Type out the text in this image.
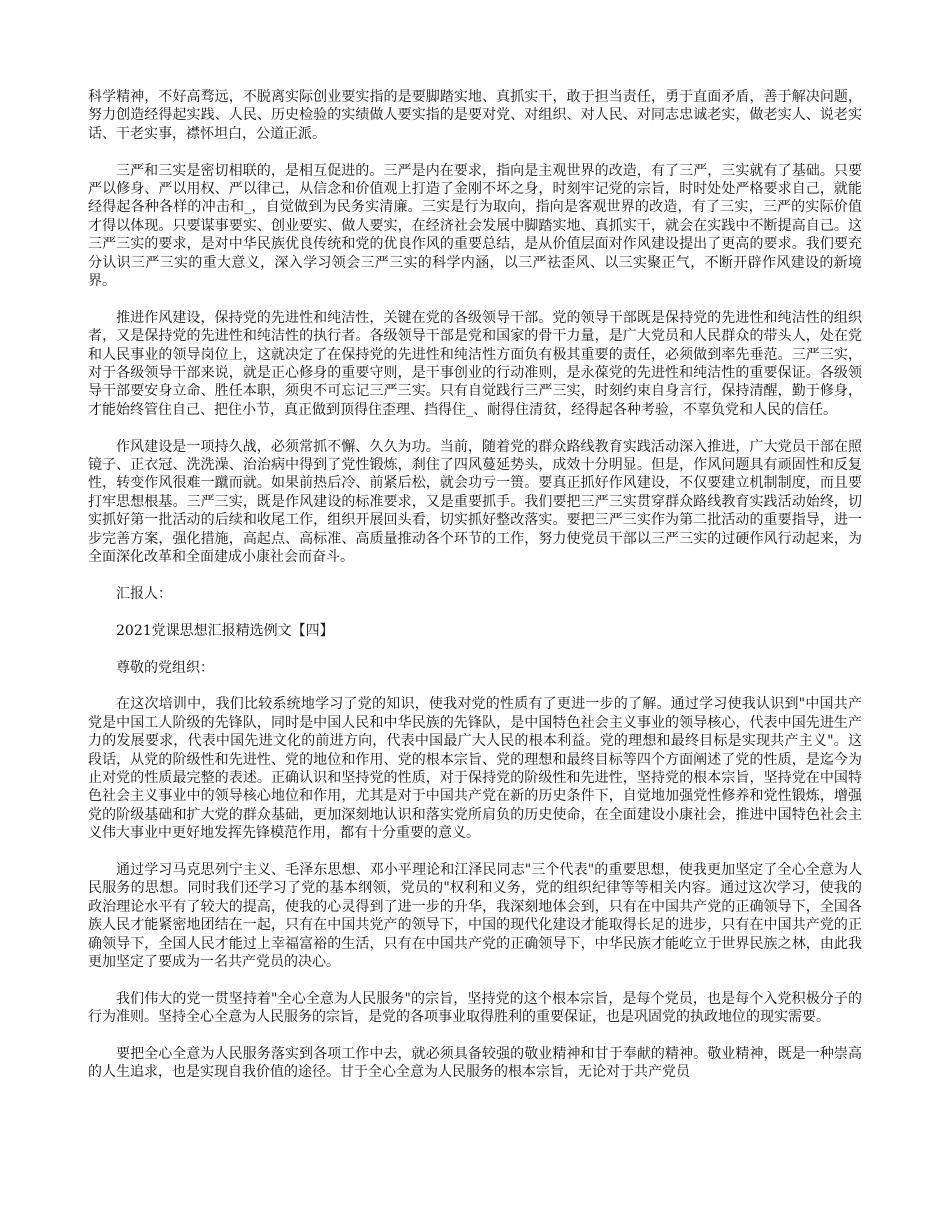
科学精神，不好高骛远，不脱离实际创业要实指的是要脚踏实地、真抓实干，敢于担当责任，勇于直面矛盾，善于解决问题，努力创造经得起实践、人民、历史检验的实绩做人要实指的是要对党、对组织、对人民、对同志忠诚老实，做老实人、说老实话、干老实事，襟怀坦白，公道正派。

三严和三实是密切相联的，是相互促进的。三严是内在要求，指向是主观世界的改造，有了三严，三实就有了基础。只要严以修身、严以用权、严以律己，从信念和价值观上打造了金刚不坏之身，时刻牢记党的宗旨，时时处处严格要求自己，就能经得起各种各样的冲击和_，自觉做到为民务实清廉。三实是行为取向，指向是客观世界的改造，有了三实，三严的实际价值才得以体现。只要谋事要实、创业要实、做人要实，在经济社会发展中脚踏实地、真抓实干，就会在实践中不断提高自己。这三严三实的要求，是对中华民族优良传统和党的优良作风的重要总结，是从价值层面对作风建设提出了更高的要求。我们要充分认识三严三实的重大意义，深入学习领会三严三实的科学内涵，以三严祛歪风、以三实聚正气，不断开辟作风建设的新境界。

推进作风建设，保持党的先进性和纯洁性，关键在党的各级领导干部。党的领导干部既是保持党的先进性和纯洁性的组织者，又是保持党的先进性和纯洁性的执行者。各级领导干部是党和国家的骨干力量，是广大党员和人民群众的带头人，处在党和人民事业的领导岗位上，这就决定了在保持党的先进性和纯洁性方面负有极其重要的责任，必须做到率先垂范。三严三实，对于各级领导干部来说，就是正心修身的重要守则，是干事创业的行动准则，是永葆党的先进性和纯洁性的重要保证。各级领导干部要安身立命、胜任本职，须臾不可忘记三严三实。只有自觉践行三严三实，时刻约束自身言行，保持清醒，勤于修身，才能始终管住自己、把住小节，真正做到顶得住歪理、挡得住_、耐得住清贫，经得起各种考验，不辜负党和人民的信任。

作风建设是一项持久战，必须常抓不懈、久久为功。当前，随着党的群众路线教育实践活动深入推进，广大党员干部在照镜子、正衣冠、洗洗澡、治治病中得到了党性锻炼，刹住了四风蔓延势头，成效十分明显。但是，作风问题具有顽固性和反复性，转变作风很难一蹴而就。如果前热后冷、前紧后松，就会功亏一篑。要真正抓好作风建设，不仅要建立机制制度，而且要打牢思想根基。三严三实，既是作风建设的标准要求，又是重要抓手。我们要把三严三实贯穿群众路线教育实践活动始终，切实抓好第一批活动的后续和收尾工作，组织开展回头看，切实抓好整改落实。要把三严三实作为第二批活动的重要指导，进一步完善方案，强化措施，高起点、高标准、高质量推动各个环节的工作，努力使党员干部以三严三实的过硬作风行动起来，为全面深化改革和全面建成小康社会而奋斗。

汇报人：

2021党课思想汇报精选例文【四】

尊敬的党组织：

在这次培训中，我们比较系统地学习了党的知识，使我对党的性质有了更进一步的了解。通过学习使我认识到"中国共产党是中国工人阶级的先锋队，同时是中国人民和中华民族的先锋队，是中国特色社会主义事业的领导核心，代表中国先进生产力的发展要求，代表中国先进文化的前进方向，代表中国最广大人民的根本利益。党的理想和最终目标是实现共产主义"。这段话，从党的阶级性和先进性、党的地位和作用、党的根本宗旨、党的理想和最终目标等四个方面阐述了党的性质，是迄今为止对党的性质最完整的表述。正确认识和坚持党的性质，对于保持党的阶级性和先进性，坚持党的根本宗旨，坚持党在中国特色社会主义事业中的领导核心地位和作用，尤其是对于中国共产党在新的历史条件下，自觉地加强党性修养和党性锻炼，增强党的阶级基础和扩大党的群众基础，更加深刻地认识和落实党所肩负的历史使命，在全面建设小康社会，推进中国特色社会主义伟大事业中更好地发挥先锋模范作用，都有十分重要的意义。

通过学习马克思列宁主义、毛泽东思想、邓小平理论和江泽民同志"三个代表"的重要思想，使我更加坚定了全心全意为人民服务的思想。同时我们还学习了党的基本纲领，党员的"权利和义务，党的组织纪律等等相关内容。通过这次学习，使我的政治理论水平有了较大的提高，使我的心灵得到了进一步的升华，我深刻地体会到，只有在中国共产党的正确领导下，全国各族人民才能紧密地团结在一起，只有在中国共党产的领导下，中国的现代化建设才能取得长足的进步，只有在中国共产党的正确领导下，全国人民才能过上幸福富裕的生活，只有在中国共产党的正确领导下，中华民族才能屹立于世界民族之林，由此我更加坚定了要成为一名共产党员的决心。

我们伟大的党一贯坚持着"全心全意为人民服务"的宗旨，坚持党的这个根本宗旨，是每个党员，也是每个入党积极分子的行为准则。坚持全心全意为人民服务的宗旨，是党的各项事业取得胜利的重要保证，也是巩固党的执政地位的现实需要。

要把全心全意为人民服务落实到各项工作中去，就必须具备较强的敬业精神和甘于奉献的精神。敬业精神，既是一种崇高的人生追求，也是实现自我价值的途径。甘于全心全意为人民服务的根本宗旨，无论对于共产党员
